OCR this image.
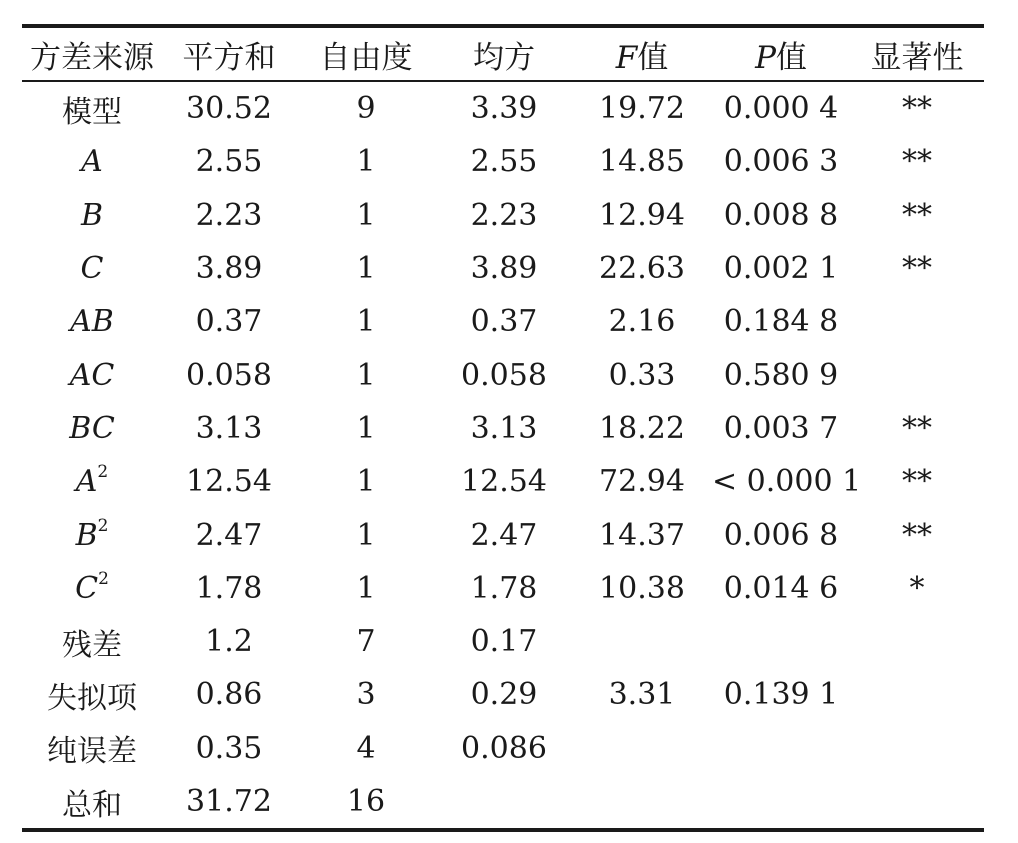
方差来源	平方和	自由度	均方	F值	P值	显著性
模型	30.52	9	3.39	19.72	0.000 4	**
A	2.55	1	2.55	14.85	0.006 3	**
B	2.23	1	2.23	12.94	0.008 8	**
C	3.89	1	3.89	22.63	0.002 1	**
AB	0.37	1	0.37	2.16	0.184 8	
AC	0.058	1	0.058	0.33	0.580 9	
BC	3.13	1	3.13	18.22	0.003 7	**
$A^2$	12.54	1	12.54	72.94	< 0.000 1	**
$B^2$	2.47	1	2.47	14.37	0.006 8	**
$C^2$	1.78	1	1.78	10.38	0.014 6	*
残差	1.2	7	0.17			
失拟项	0.86	3	0.29	3.31	0.139 1	
纯误差	0.35	4	0.086			
总和	31.72	16				
